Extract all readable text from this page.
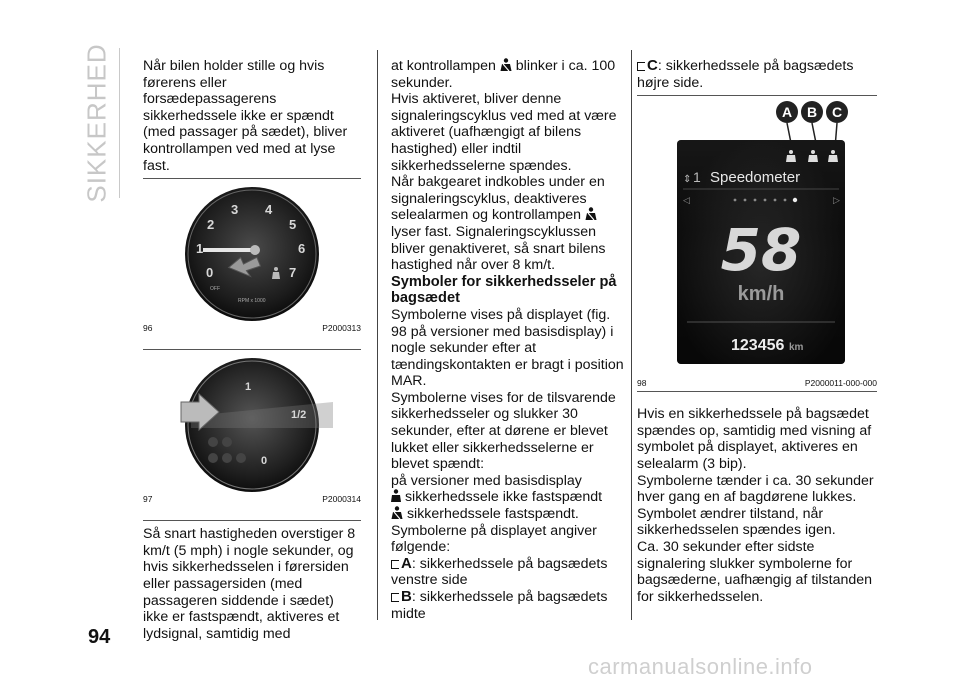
SIKKERHED Når bilen holder stille og hvis førerens eller forsædepassagerens sikkerhedssele ikke er spændt (med passager på sædet), bliver kontrollampen ved med at lyse fast.

0
1
2
3 4
5
6
7
OFF
RPM x 1000
96	P2000313
1
1/2
0
97	P2000314

Så snart hastigheden overstiger 8 km/t (5 mph) i nogle sekunder, og hvis sikkerhedsselen i førersiden eller passagersiden (med passageren siddende i sædet) ikke er fastspændt, aktiveres et lydsignal, samtidig med

at kontrollampen blinker i ca. 100 sekunder.

Hvis aktiveret, bliver denne signaleringscyklus ved med at være aktiveret (uafhængigt af bilens hastighed) eller indtil sikkerhedsselerne spændes.

Når bakgearet indkobles under en signaleringscyklus, deaktiveres selealarmen og kontrollampen  lyser fast. Signaleringscyklussen bliver genaktiveret, så snart bilens hastighed når over 8 km/t.

Symboler for sikkerhedsseler på bagsædet

Symbolerne vises på displayet (fig. 98 på versioner med basisdisplay) i nogle sekunder efter at tændingskontakten er bragt i position MAR.

Symbolerne vises for de tilsvarende sikkerhedsseler og slukker 30 sekunder, efter at dørene er blevet lukket eller sikkerhedsselerne er blevet spændt:

på versioner med basisdisplay

sikkerhedssele ikke fastspændt

sikkerhedssele fastspændt.

Symbolerne på displayet angiver følgende:

A: sikkerhedssele på bagsædets venstre side

B: sikkerhedssele på bagsædets midte

C: sikkerhedssele på bagsædets højre side.

A B C
⇕ 1 Speedometer
◁	▷
58
km/h
123456 km
98	P2000011-000-000

Hvis en sikkerhedssele på bagsædet spændes op, samtidig med visning af symbolet på displayet, aktiveres en selealarm (3 bip).

Symbolerne tænder i ca. 30 sekunder hver gang en af bagdørene lukkes.

Symbolet ændrer tilstand, når sikkerhedsselen spændes igen.

Ca. 30 sekunder efter sidste signalering slukker symbolerne for bagsæderne, uafhængig af tilstanden for sikkerhedsselen.

94
carmanualsonline.info
